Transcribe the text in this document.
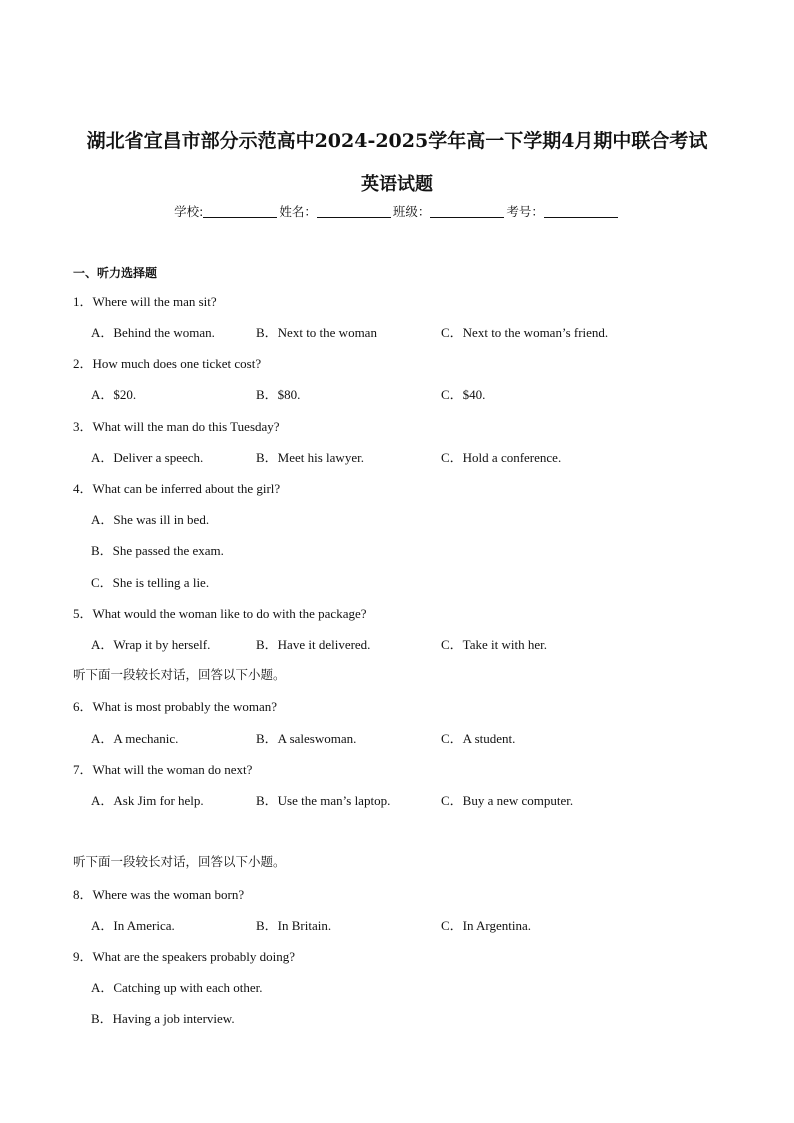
湖北省宜昌市部分示范高中2024-2025学年高一下学期4月期中联合考试
英语试题
学校:	姓名：	班级：	考号：
一、听力选择题
1．Where will the man sit?
A．Behind the woman.	B．Next to the woman	C．Next to the woman’s friend.
2．How much does one ticket cost?
A．$20.	B．$80.	C．$40.
3．What will the man do this Tuesday?
A．Deliver a speech.	B．Meet his lawyer.	C．Hold a conference.
4．What can be inferred about the girl?
A．She was ill in bed.
B．She passed the exam.
C．She is telling a lie.
5．What would the woman like to do with the package?
A．Wrap it by herself.	B．Have it delivered.	C．Take it with her.
听下面一段较长对话，回答以下小题。
6．What is most probably the woman?
A．A mechanic.	B．A saleswoman.	C．A student.
7．What will the woman do next?
A．Ask Jim for help.	B．Use the man’s laptop.	C．Buy a new computer.
听下面一段较长对话，回答以下小题。
8．Where was the woman born?
A．In America.	B．In Britain.	C．In Argentina.
9．What are the speakers probably doing?
A．Catching up with each other.
B．Having a job interview.
